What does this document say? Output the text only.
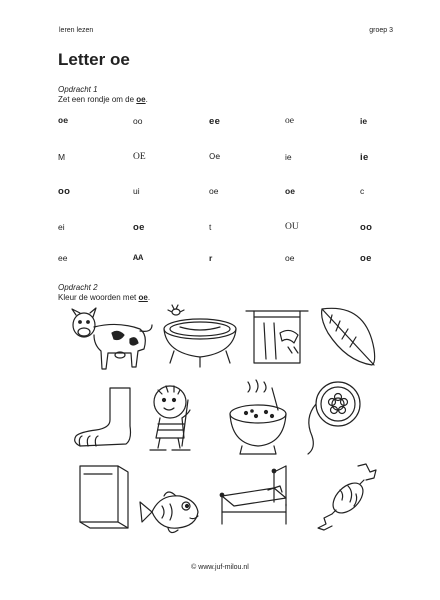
leren lezen	groep 3
Letter oe
Opdracht 1
Zet een rondje om de oe.
oe	oo	ee	oe	ie
M	OE	Oe	ie	ie
oo	ui	oe	oe	c
ei	oe	t	OU	oo
ee	AA	r	oe	oe
Opdracht 2
Kleur de woorden met oe.
© www.juf-milou.nl
